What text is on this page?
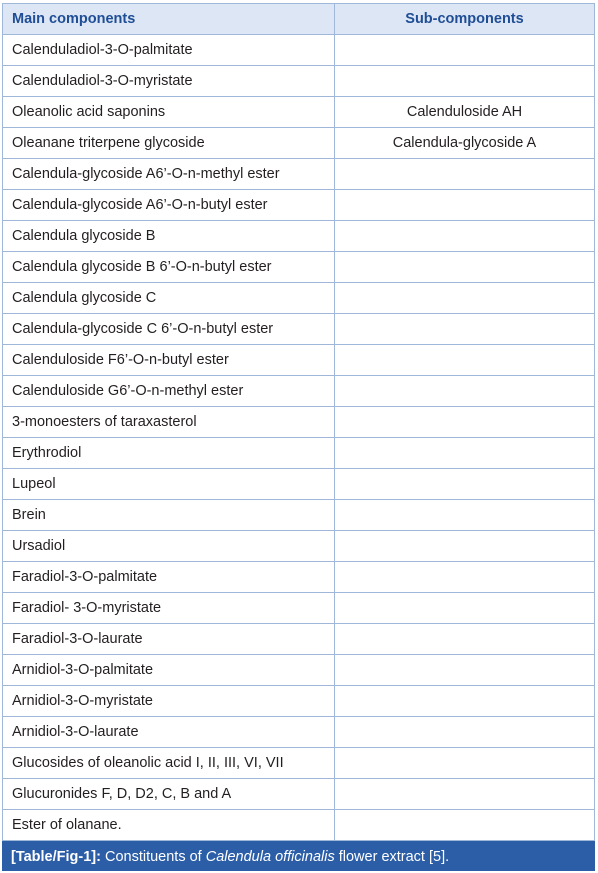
Main components	Sub-components
Calenduladiol-3-O-palmitate	
Calenduladiol-3-O-myristate	
Oleanolic acid saponins	Calenduloside AH
Oleanane triterpene glycoside	Calendula-glycoside A
Calendula-glycoside A6’-O-n-methyl ester	
Calendula-glycoside A6’-O-n-butyl ester	
Calendula glycoside B	
Calendula glycoside B 6’-O-n-butyl ester	
Calendula glycoside C	
Calendula-glycoside C 6’-O-n-butyl ester	
Calenduloside F6’-O-n-butyl ester	
Calenduloside G6’-O-n-methyl ester	
3-monoesters of taraxasterol	
Erythrodiol	
Lupeol	
Brein	
Ursadiol	
Faradiol-3-O-palmitate	
Faradiol- 3-O-myristate	
Faradiol-3-O-laurate	
Arnidiol-3-O-palmitate	
Arnidiol-3-O-myristate	
Arnidiol-3-O-laurate	
Glucosides of oleanolic acid I, II, III, VI, VII	
Glucuronides F, D, D2, C, B and A	
Ester of olanane.	
[Table/Fig-1]: Constituents of Calendula officinalis flower extract [5].
